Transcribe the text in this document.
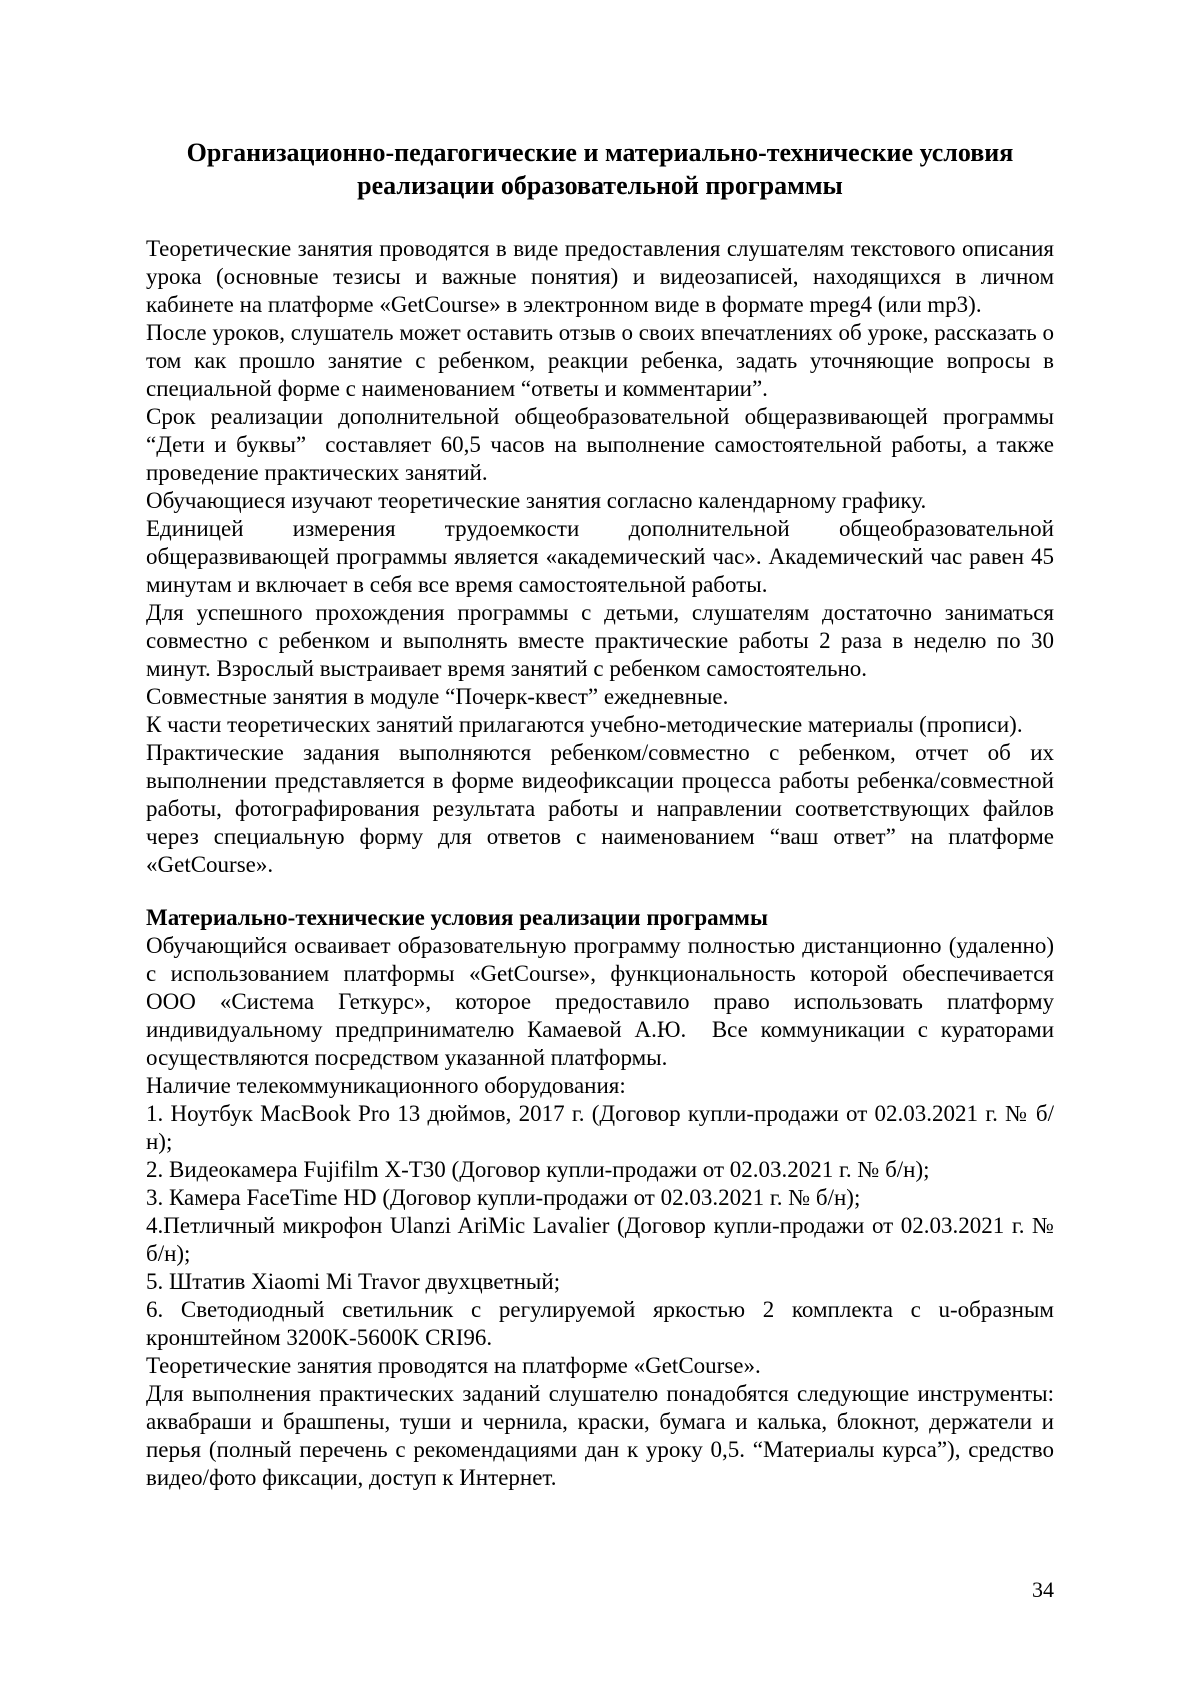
Организационно-педагогические и материально-технические условия реализации образовательной программы

Теоретические занятия проводятся в виде предоставления слушателям текстового описания урока (основные тезисы и важные понятия) и видеозаписей, находящихся в личном кабинете на платформе «GetCourse» в электронном виде в формате mpeg4 (или mp3).

После уроков, слушатель может оставить отзыв о своих впечатлениях об уроке, рассказать о том как прошло занятие с ребенком, реакции ребенка, задать уточняющие вопросы в специальной форме с наименованием “ответы и комментарии”.

Срок реализации дополнительной общеобразовательной общеразвивающей программы “Дети и буквы”  составляет 60,5 часов на выполнение самостоятельной работы, а также проведение практических занятий.

Обучающиеся изучают теоретические занятия согласно календарному графику.

Единицей измерения трудоемкости дополнительной общеобразовательной общеразвивающей программы является «академический час». Академический час равен 45 минутам и включает в себя все время самостоятельной работы.

Для успешного прохождения программы с детьми, слушателям достаточно заниматься совместно с ребенком и выполнять вместе практические работы 2 раза в неделю по 30 минут. Взрослый выстраивает время занятий с ребенком самостоятельно.

Совместные занятия в модуле “Почерк-квест” ежедневные.

К части теоретических занятий прилагаются учебно-методические материалы (прописи).

Практические задания выполняются ребенком/совместно с ребенком, отчет об их выполнении представляется в форме видеофиксации процесса работы ребенка/совместной работы, фотографирования результата работы и направлении соответствующих файлов через специальную форму для ответов с наименованием “ваш ответ” на платформе «GetCourse».

Материально-технические условия реализации программы

Обучающийся осваивает образовательную программу полностью дистанционно (удаленно) с использованием платформы «GetCourse», функциональность которой обеспечивается ООО «Система Геткурс», которое предоставило право использовать платформу индивидуальному предпринимателю Камаевой А.Ю.  Все коммуникации с кураторами осуществляются посредством указанной платформы.

Наличие телекоммуникационного оборудования:

1. Ноутбук MacBook Pro 13 дюймов, 2017 г. (Договор купли-продажи от 02.03.2021 г. № б/н);

2. Видеокамера Fujifilm X-T30 (Договор купли-продажи от 02.03.2021 г. № б/н);

3. Камера FaceTime HD (Договор купли-продажи от 02.03.2021 г. № б/н);

4.Петличный микрофон Ulanzi AriMic Lavalier (Договор купли-продажи от 02.03.2021 г. № б/н);

5. Штатив Xiaomi Mi Travor двухцветный;

6. Светодиодный светильник с регулируемой яркостью 2 комплекта с u-образным кронштейном 3200K-5600K CRI96.

Теоретические занятия проводятся на платформе «GetCourse».

Для выполнения практических заданий слушателю понадобятся следующие инструменты: аквабраши и брашпены, туши и чернила, краски, бумага и калька, блокнот, держатели и перья (полный перечень с рекомендациями дан к уроку 0,5. “Материалы курса”), средство видео/фото фиксации, доступ к Интернет.

34
